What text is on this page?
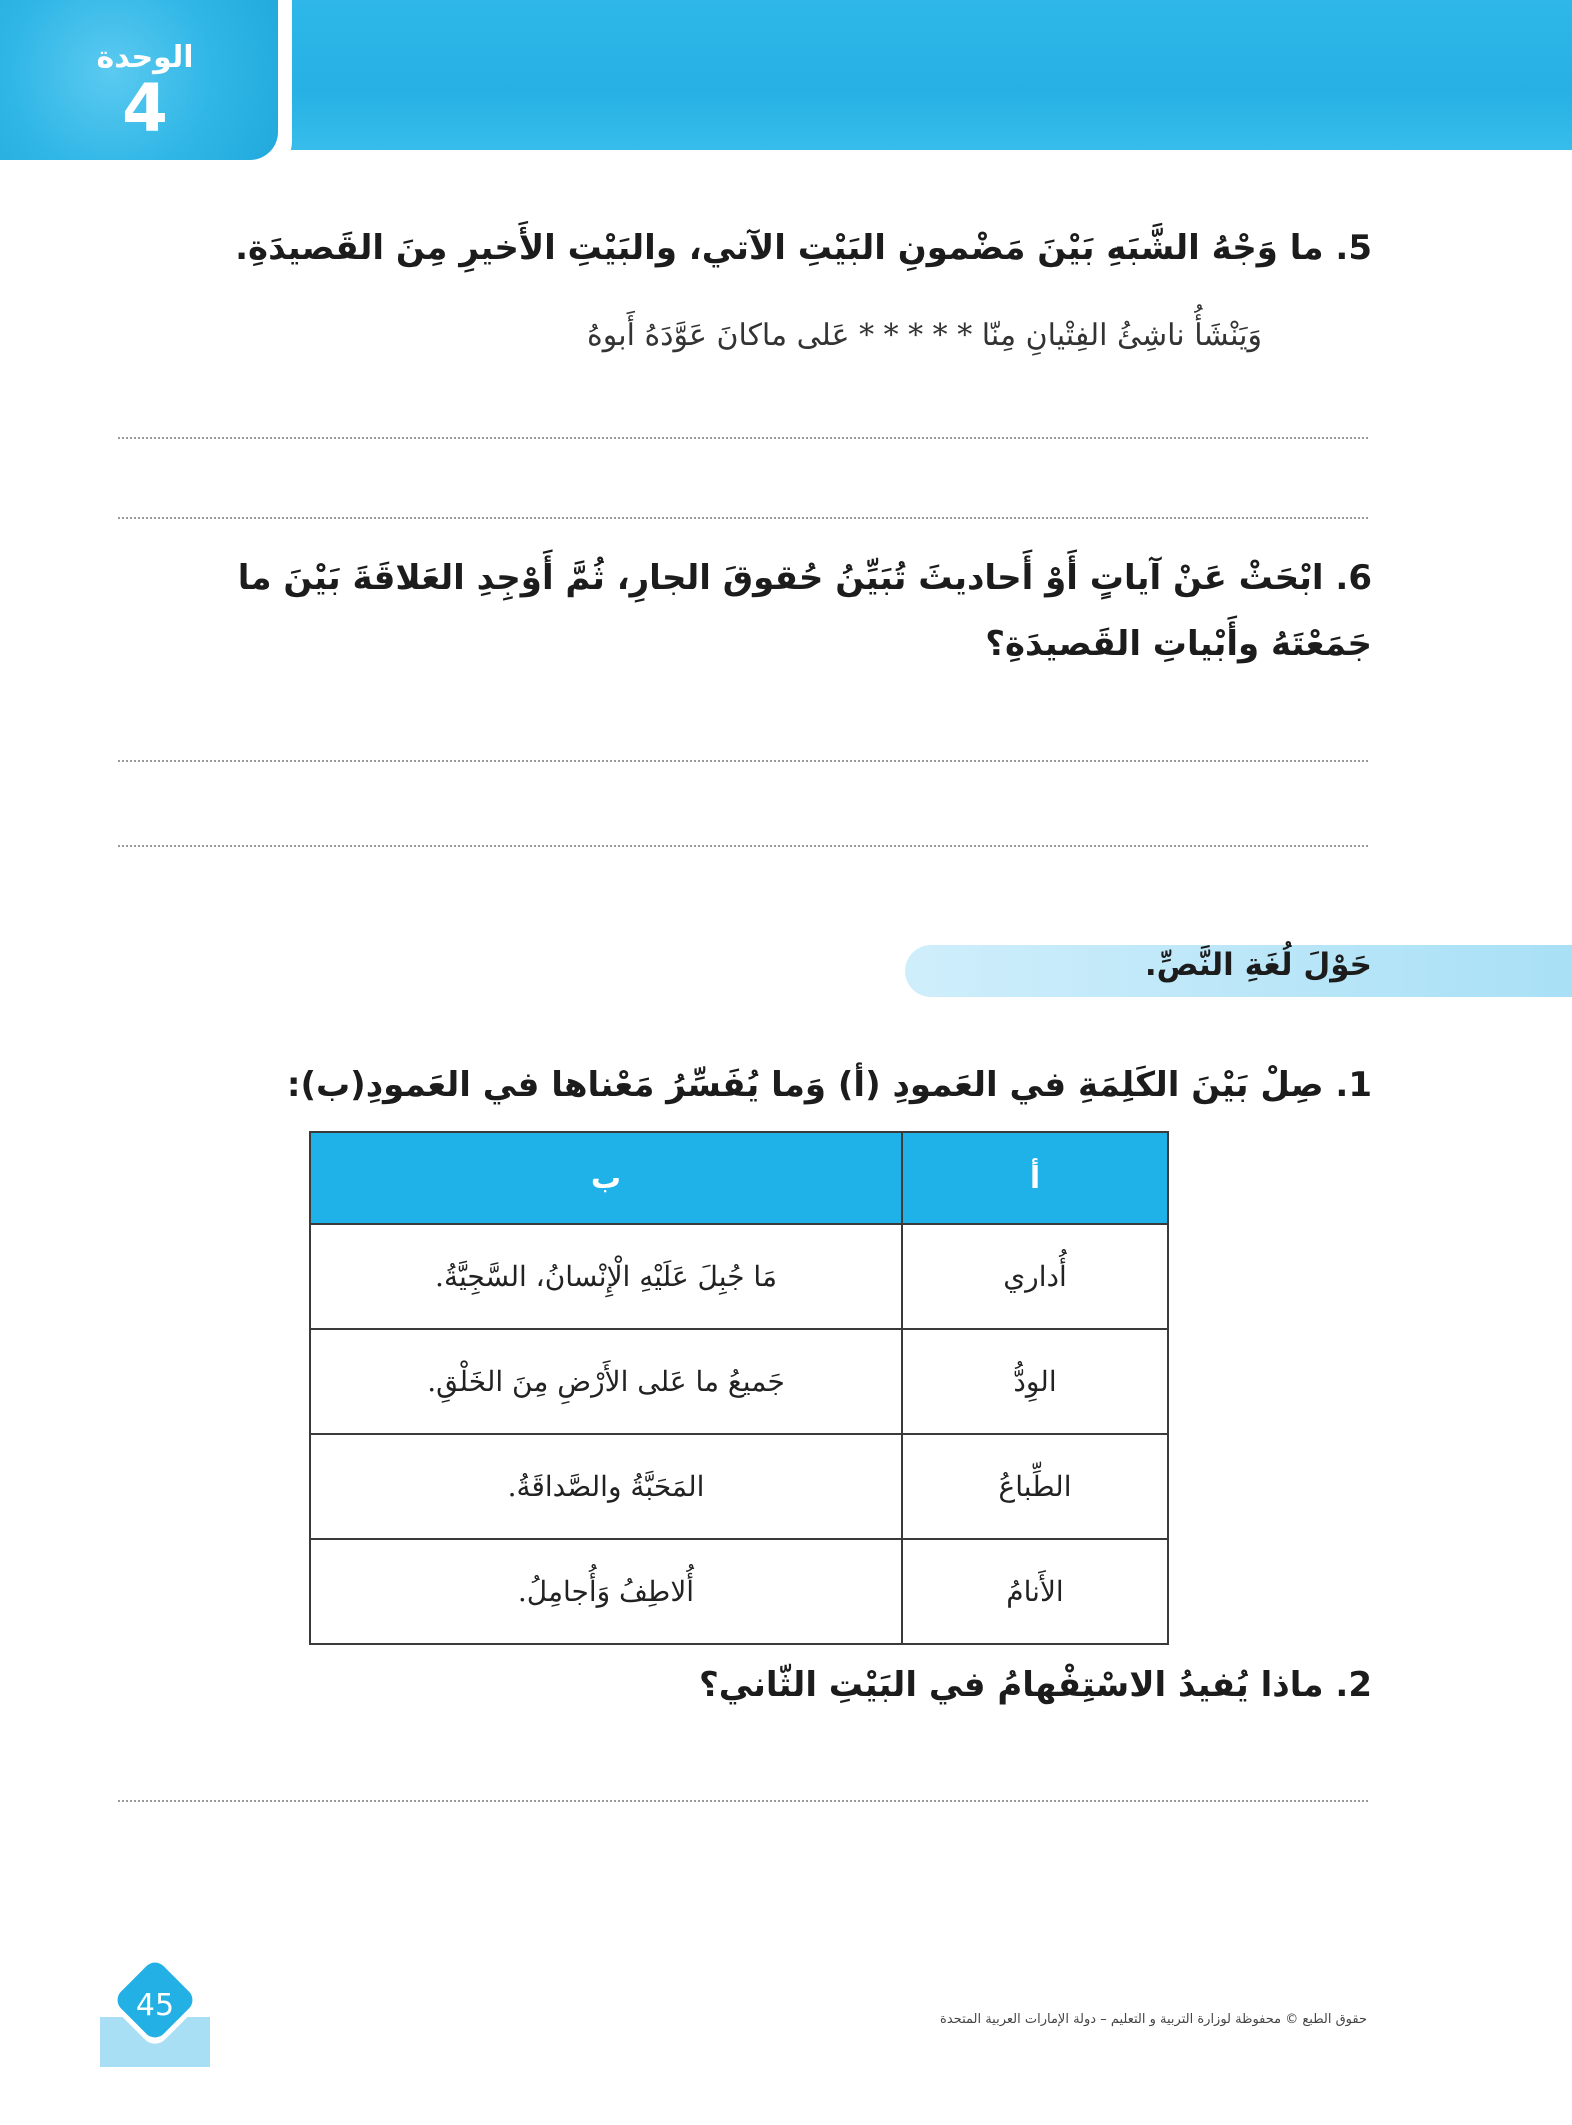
الوحدة
4
5. ما وَجْهُ الشَّبَهِ بَيْنَ مَضْمونِ البَيْتِ الآتي، والبَيْتِ الأَخيرِ مِنَ القَصيدَةِ.
وَيَنْشَأُ ناشِئُ الفِتْيانِ مِنّا * * * * * عَلى ماكانَ عَوَّدَهُ أَبوهُ
6. ابْحَثْ عَنْ آياتٍ أَوْ أَحاديثَ تُبَيِّنُ حُقوقَ الجارِ، ثُمَّ أَوْجِدِ العَلاقَةَ بَيْنَ ما جَمَعْتَهُ وأَبْياتِ القَصيدَةِ؟
حَوْلَ لُغَةِ النَّصِّ.
1. صِلْ بَيْنَ الكَلِمَةِ في العَمودِ (أ) وَما يُفَسِّرُ مَعْناها في العَمودِ(ب):
أ	ب
أُداري	مَا جُبِلَ عَلَيْهِ الْإِنْسانُ، السَّجِيَّةُ.
الوِدُّ	جَميعُ ما عَلى الأَرْضِ مِنَ الخَلْقِ.
الطِّباعُ	المَحَبَّةُ والصَّداقَةُ.
الأَنامُ	أُلاطِفُ وَأُجامِلُ.
2. ماذا يُفيدُ الاسْتِفْهامُ في البَيْتِ الثّاني؟
45	حقوق الطبع © محفوظة لوزارة التربية و التعليم – دولة الإمارات العربية المتحدة
